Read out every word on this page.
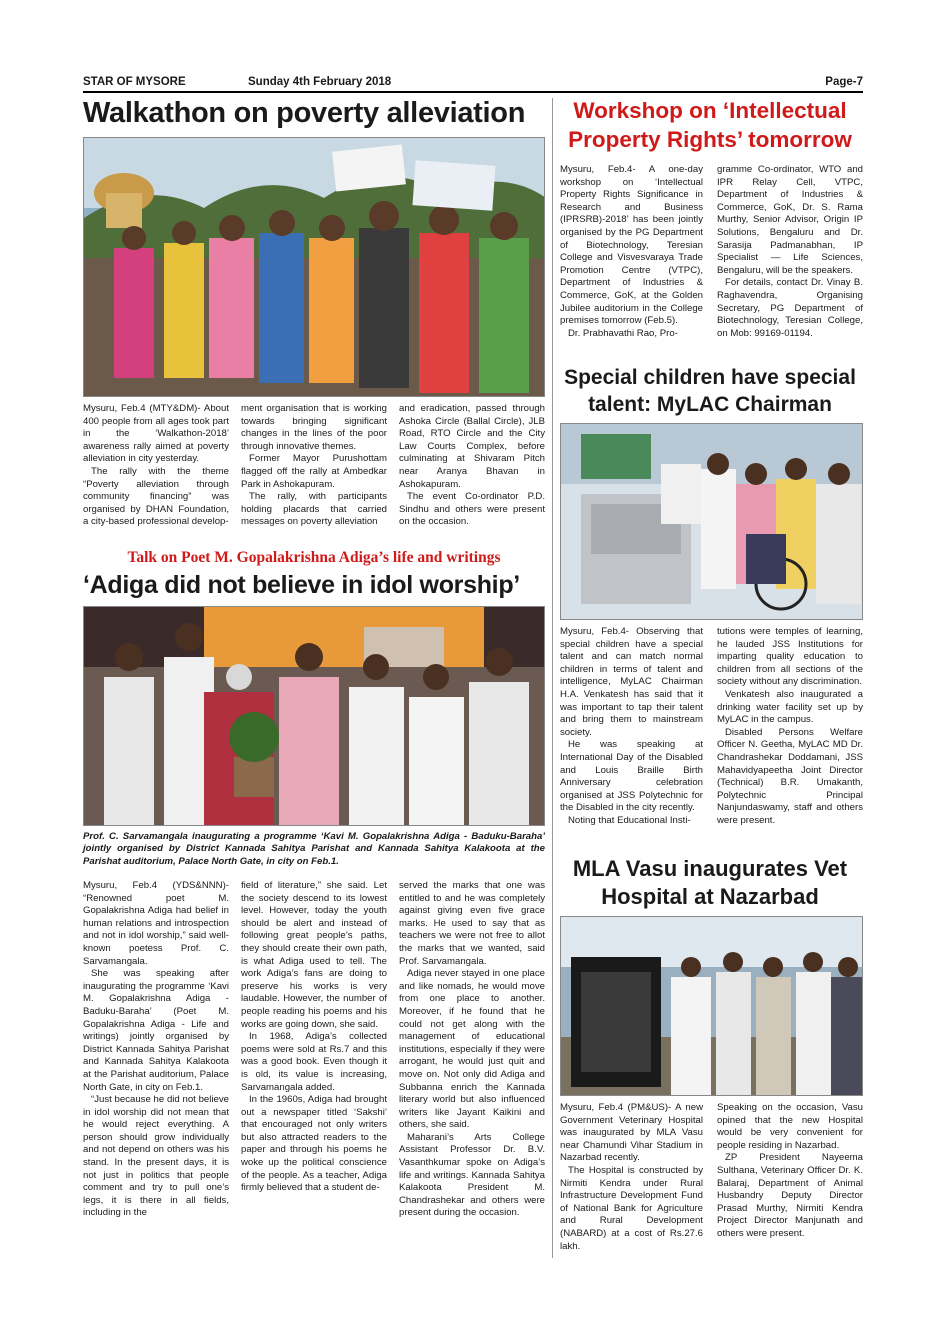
STAR OF MYSORE	Sunday 4th February 2018	Page-7
Walkathon on poverty alleviation

Mysuru, Feb.4 (MTY&DM)- About 400 people from all ages took part in the ‘Walkathon-2018’ awareness rally aimed at poverty alleviation in city yesterday.

The rally with the theme “Poverty alleviation through community financing” was organised by DHAN Foundation, a city-based professional develop-

ment organisation that is working towards bringing significant changes in the lines of the poor through innovative themes.

Former Mayor Purushottam flagged off the rally at Ambedkar Park in Ashokapuram.

The rally, with participants holding placards that carried messages on poverty alleviation

and eradication, passed through Ashoka Circle (Ballal Circle), JLB Road, RTO Circle and the City Law Courts Complex, before culminating at Shivaram Pitch near Aranya Bhavan in Ashokapuram.

The event Co-ordinator P.D. Sindhu and others were present on the occasion.

Talk on Poet M. Gopalakrishna Adiga’s life and writings
‘Adiga did not believe in idol worship’
Prof. C. Sarvamangala inaugurating a programme ‘Kavi M. Gopalakrishna Adiga - Baduku-Baraha’ jointly organised by District Kannada Sahitya Parishat and Kannada Sahitya Kalakoota at the Parishat auditorium, Palace North Gate, in city on Feb.1.

Mysuru, Feb.4 (YDS&NNN)- “Renowned poet M. Gopalakrishna Adiga had belief in human relations and introspection and not in idol worship,” said well-known poetess Prof. C. Sarvamangala.

She was speaking after inaugurating the programme ‘Kavi M. Gopalakrishna Adiga - Baduku-Baraha’ (Poet M. Gopalakrishna Adiga - Life and writings) jointly organised by District Kannada Sahitya Parishat and Kannada Sahitya Kalakoota at the Parishat auditorium, Palace North Gate, in city on Feb.1.

“Just because he did not believe in idol worship did not mean that he would reject everything. A person should grow individually and not depend on others was his stand. In the present days, it is not just in politics that people comment and try to pull one’s legs, it is there in all fields, including in the

field of literature,” she said. Let the society descend to its lowest level. However, today the youth should be alert and instead of following great people’s paths, they should create their own path, is what Adiga used to tell. The work Adiga’s fans are doing to preserve his works is very laudable. However, the number of people reading his poems and his works are going down, she said.

In 1968, Adiga’s collected poems were sold at Rs.7 and this was a good book. Even though it is old, its value is increasing, Sarvamangala added.

In the 1960s, Adiga had brought out a newspaper titled ‘Sakshi’ that encouraged not only writers but also attracted readers to the paper and through his poems he woke up the political conscience of the people. As a teacher, Adiga firmly believed that a student de-

served the marks that one was entitled to and he was completely against giving even five grace marks. He used to say that as teachers we were not free to allot the marks that we wanted, said Prof. Sarvamangala.

Adiga never stayed in one place and like nomads, he would move from one place to another. Moreover, if he found that he could not get along with the management of educational institutions, especially if they were arrogant, he would just quit and move on. Not only did Adiga and Subbanna enrich the Kannada literary world but also influenced writers like Jayant Kaikini and others, she said.

Maharani’s Arts College Assistant Professor Dr. B.V. Vasanthkumar spoke on Adiga’s life and writings. Kannada Sahitya Kalakoota President M. Chandrashekar and others were present during the occasion.

Workshop on ‘Intellectual
Property Rights’ tomorrow

Mysuru, Feb.4- A one-day workshop on ‘Intellectual Property Rights Significance in Research and Business (IPRSRB)-2018’ has been jointly organised by the PG Department of Biotechnology, Teresian College and Visvesvaraya Trade Promotion Centre (VTPC), Department of Industries & Commerce, GoK, at the Golden Jubilee auditorium in the College premises tomorrow (Feb.5).

Dr. Prabhavathi Rao, Pro-

gramme Co-ordinator, WTO and IPR Relay Cell, VTPC, Department of Industries & Commerce, GoK, Dr. S. Rama Murthy, Senior Advisor, Origin IP Solutions, Bengaluru and Dr. Sarasija Padmanabhan, IP Specialist — Life Sciences, Bengaluru, will be the speakers.

For details, contact Dr. Vinay B. Raghavendra, Organising Secretary, PG Department of Biotechnology, Teresian College, on Mob: 99169-01194.

Special children have special
talent: MyLAC Chairman

Mysuru, Feb.4- Observing that special children have a special talent and can match normal children in terms of talent and intelligence, MyLAC Chairman H.A. Venkatesh has said that it was important to tap their talent and bring them to mainstream society.

He was speaking at International Day of the Disabled and Louis Braille Birth Anniversary celebration organised at JSS Polytechnic for the Disabled in the city recently.

Noting that Educational Insti-

tutions were temples of learning, he lauded JSS Institutions for imparting quality education to children from all sections of the society without any discrimination.

Venkatesh also inaugurated a drinking water facility set up by MyLAC in the campus.

Disabled Persons Welfare Officer N. Geetha, MyLAC MD Dr. Chandrashekar Doddamani, JSS Mahavidyapeetha Joint Director (Technical) B.R. Umakanth, Polytechnic Principal Nanjundaswamy, staff and others were present.

MLA Vasu inaugurates Vet
Hospital at Nazarbad

Mysuru, Feb.4 (PM&US)- A new Government Veterinary Hospital was inaugurated by MLA Vasu near Chamundi Vihar Stadium in Nazarbad recently.

The Hospital is constructed by Nirmiti Kendra under Rural Infrastructure Development Fund of National Bank for Agriculture and Rural Development (NABARD) at a cost of Rs.27.6 lakh.

Speaking on the occasion, Vasu opined that the new Hospital would be very convenient for people residing in Nazarbad.

ZP President Nayeema Sulthana, Veterinary Officer Dr. K. Balaraj, Department of Animal Husbandry Deputy Director Prasad Murthy, Nirmiti Kendra Project Director Manjunath and others were present.
